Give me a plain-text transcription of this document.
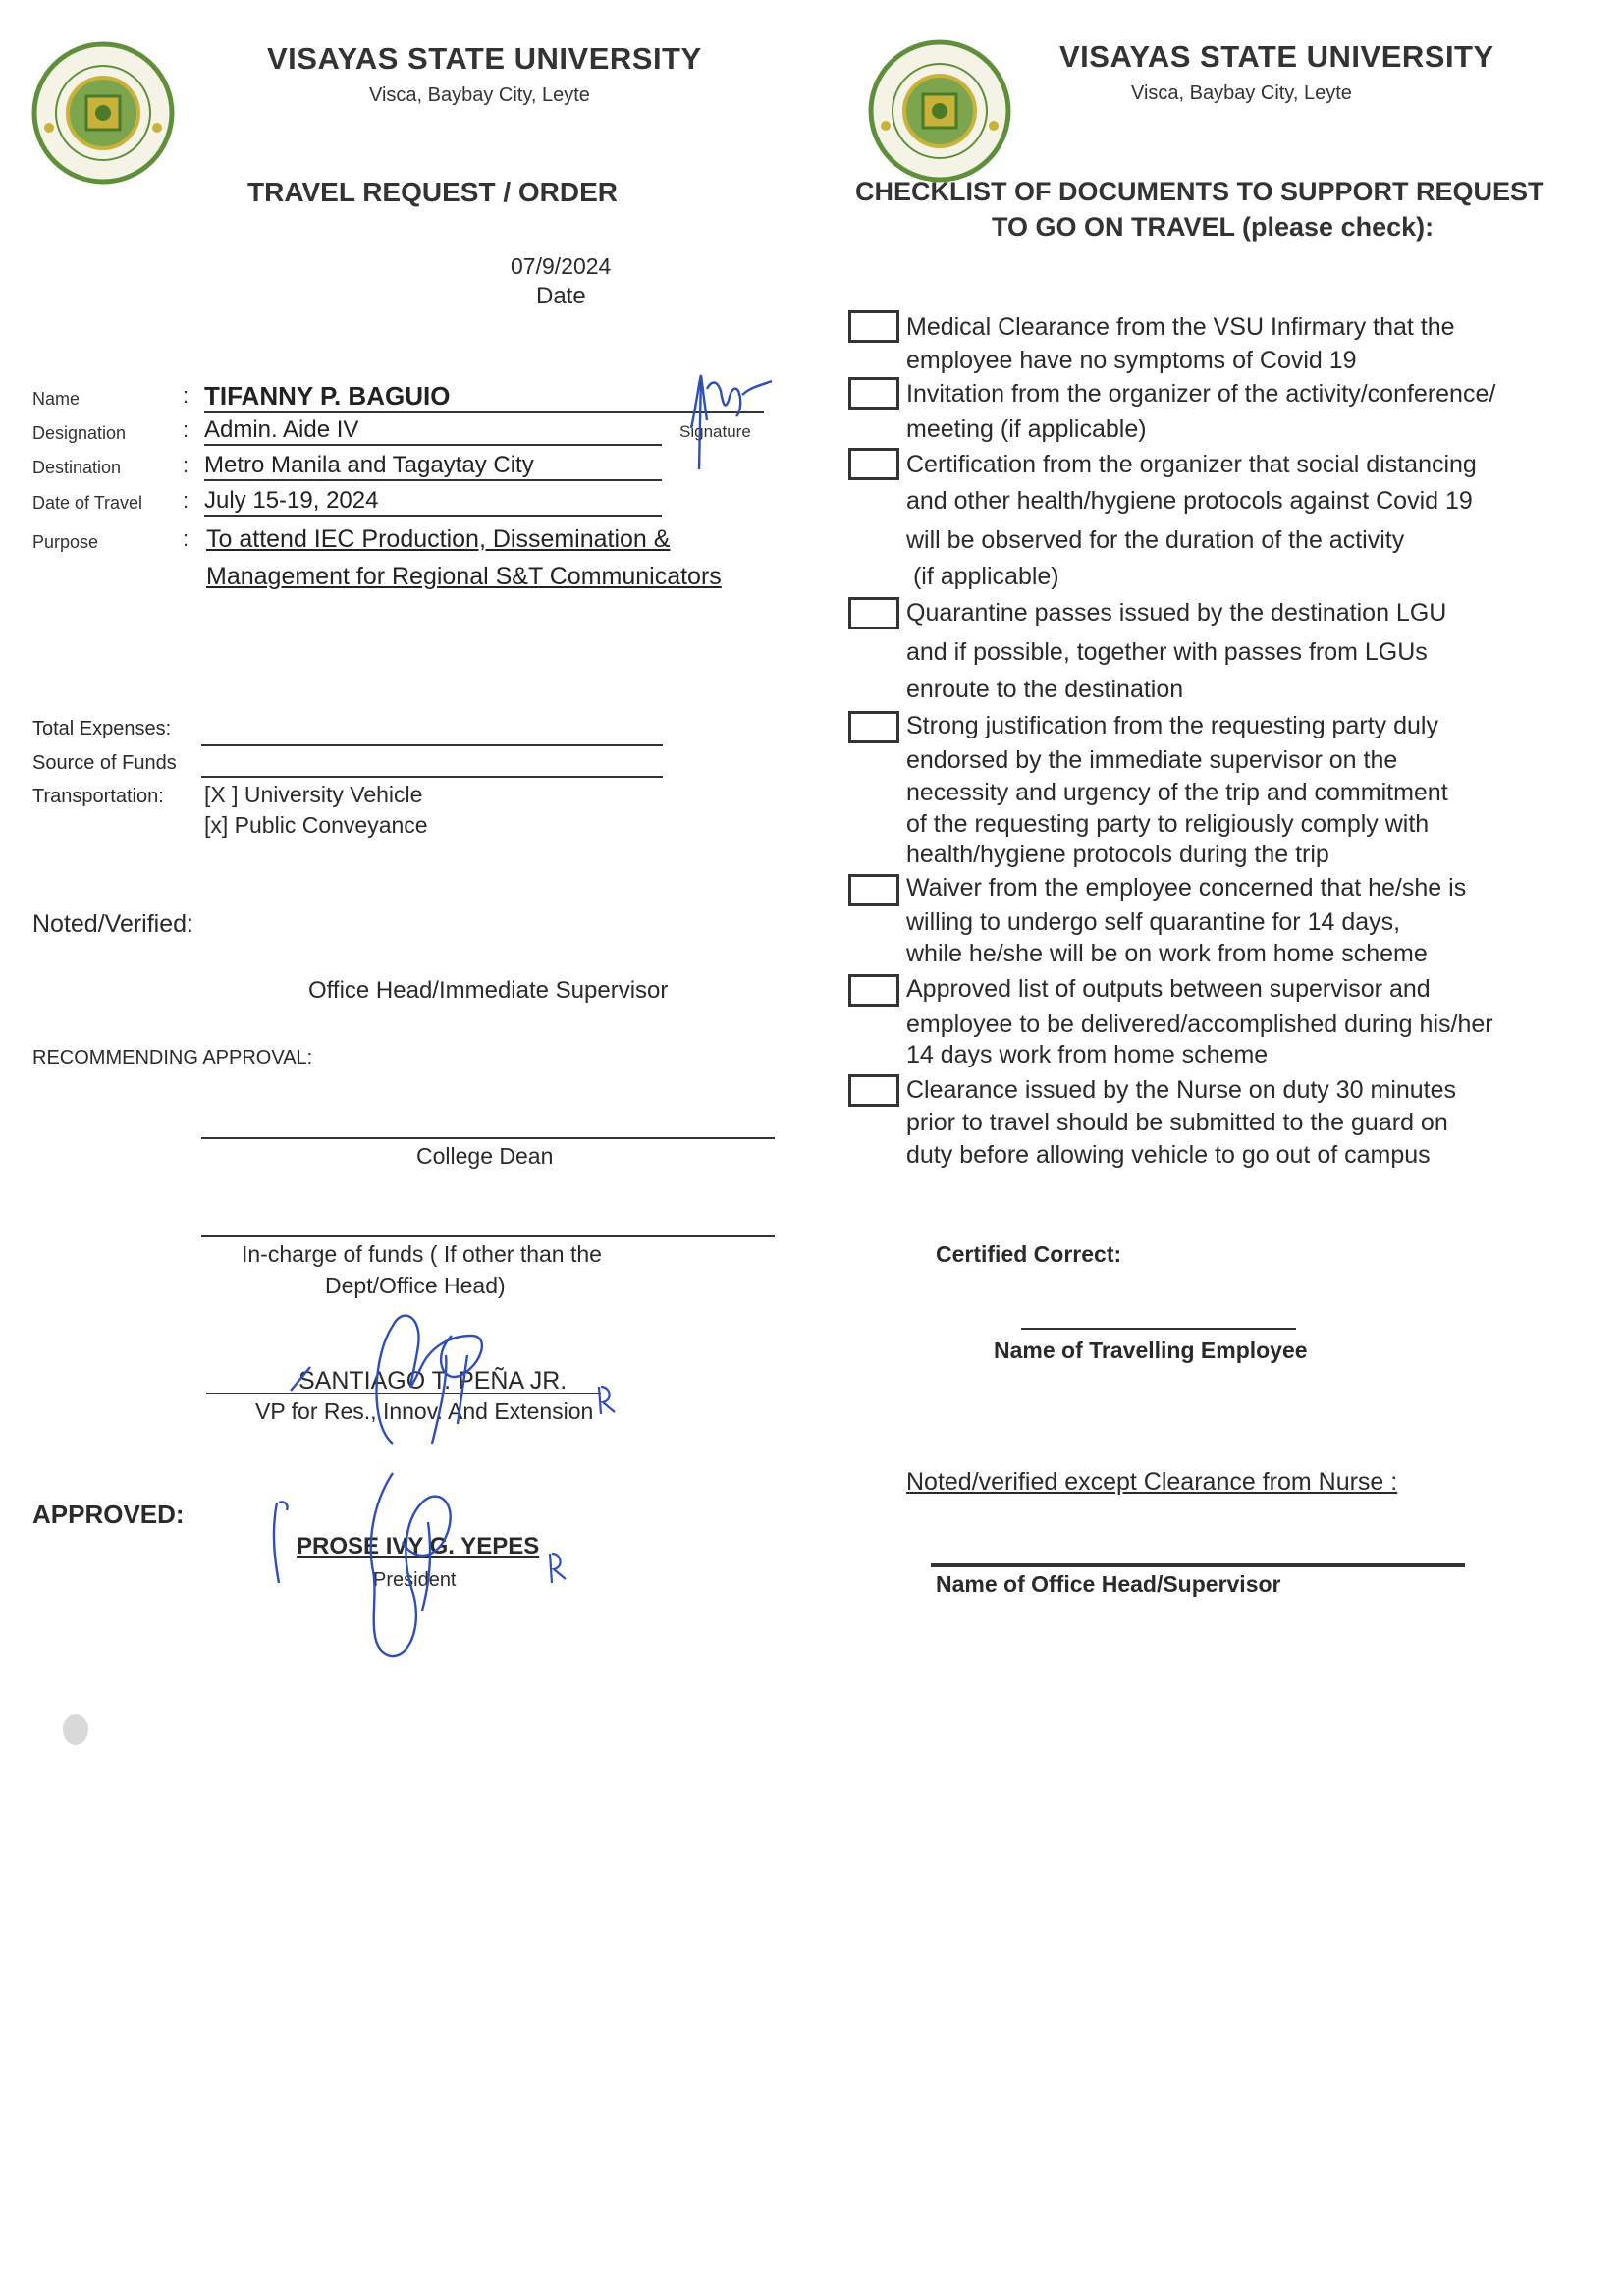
VISAYAS STATE UNIVERSITY
Visca, Baybay City, Leyte
TRAVEL REQUEST / ORDER
07/9/2024
Date
Name	: TIFANNY P. BAGUIO
Signature
Designation	: Admin. Aide IV
Destination	: Metro Manila and Tagaytay City
Date of Travel : July 15-19, 2024
Purpose	: To attend IEC Production, Dissemination &
Management for Regional S&T Communicators
Total Expenses:
Source of Funds
Transportation: [X ] University Vehicle
[x] Public Conveyance
Noted/Verified:
Office Head/Immediate Supervisor
RECOMMENDING APPROVAL:
College Dean
In-charge of funds ( If other than the
Dept/Office Head)
SANTIAGO T. PEÑA JR.
VP for Res., Innov. And Extension
APPROVED:
PROSE IVY G. YEPES
President
VISAYAS STATE UNIVERSITY
Visca, Baybay City, Leyte
CHECKLIST OF DOCUMENTS TO SUPPORT REQUEST
TO GO ON TRAVEL (please check):
Medical Clearance from the VSU Infirmary that the
employee have no symptoms of Covid 19
Invitation from the organizer of the activity/conference/
meeting (if applicable)
Certification from the organizer that social distancing
and other health/hygiene protocols against Covid 19
will be observed for the duration of the activity
(if applicable)
Quarantine passes issued by the destination LGU
and if possible, together with passes from LGUs
enroute to the destination
Strong justification from the requesting party duly
endorsed by the immediate supervisor on the
necessity and urgency of the trip and commitment
of the requesting party to religiously comply with
health/hygiene protocols during the trip
Waiver from the employee concerned that he/she is
willing to undergo self quarantine for 14 days,
while he/she will be on work from home scheme
Approved list of outputs between supervisor and
employee to be delivered/accomplished during his/her
14 days work from home scheme
Clearance issued by the Nurse on duty 30 minutes
prior to travel should be submitted to the guard on
duty before allowing vehicle to go out of campus
Certified Correct:
Name of Travelling Employee
Noted/verified except Clearance from Nurse :
Name of Office Head/Supervisor
